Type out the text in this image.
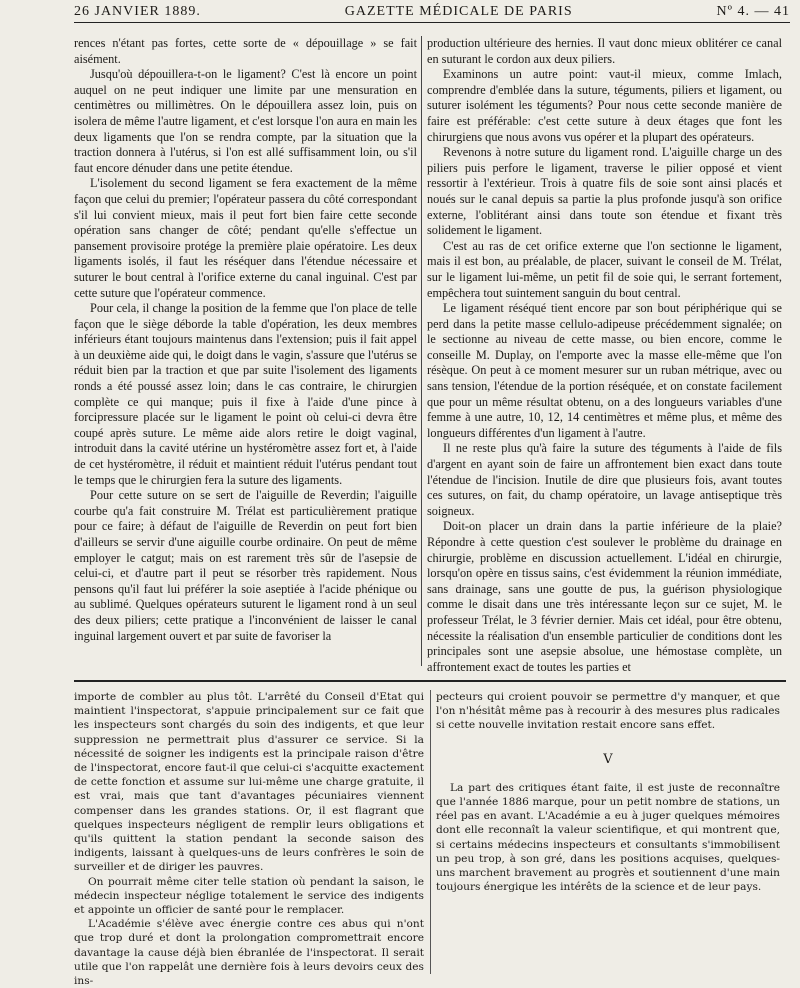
26 JANVIER 1889.	GAZETTE MÉDICALE DE PARIS	Nº 4. — 41

rences n'étant pas fortes, cette sorte de « dépouillage » se fait aisément.

Jusqu'où dépouillera-t-on le ligament? C'est là encore un point auquel on ne peut indiquer une limite par une mensuration en centimètres ou millimètres. On le dépouillera assez loin, puis on isolera de même l'autre ligament, et c'est lorsque l'on aura en main les deux ligaments que l'on se rendra compte, par la situation que la traction donnera à l'utérus, si l'on est allé suffisamment loin, ou s'il faut encore dénuder dans une petite étendue.

L'isolement du second ligament se fera exactement de la même façon que celui du premier; l'opérateur passera du côté correspondant s'il lui convient mieux, mais il peut fort bien faire cette seconde opération sans changer de côté; pendant qu'elle s'effectue un pansement provisoire protége la première plaie opératoire. Les deux ligaments isolés, il faut les réséquer dans l'étendue nécessaire et suturer le bout central à l'orifice externe du canal inguinal. C'est par cette suture que l'opérateur commence.

Pour cela, il change la position de la femme que l'on place de telle façon que le siège déborde la table d'opération, les deux membres inférieurs étant toujours maintenus dans l'extension; puis il fait appel à un deuxième aide qui, le doigt dans le vagin, s'assure que l'utérus se réduit bien par la traction et que par suite l'isolement des ligaments ronds a été poussé assez loin; dans le cas contraire, le chirurgien complète ce qui manque; puis il fixe à l'aide d'une pince à forcipressure placée sur le ligament le point où celui-ci devra être coupé après suture. Le même aide alors retire le doigt vaginal, introduit dans la cavité utérine un hystéromètre assez fort et, à l'aide de cet hystéromètre, il réduit et maintient réduit l'utérus pendant tout le temps que le chirurgien fera la suture des ligaments.

Pour cette suture on se sert de l'aiguille de Reverdin; l'aiguille courbe qu'a fait construire M. Trélat est particulièrement pratique pour ce faire; à défaut de l'aiguille de Reverdin on peut fort bien d'ailleurs se servir d'une aiguille courbe ordinaire. On peut de même employer le catgut; mais on est rarement très sûr de l'asepsie de celui-ci, et d'autre part il peut se résorber très rapidement. Nous pensons qu'il faut lui préférer la soie aseptiée à l'acide phénique ou au sublimé. Quelques opérateurs suturent le ligament rond à un seul des deux piliers; cette pratique a l'inconvénient de laisser le canal inguinal largement ouvert et par suite de favoriser la

production ultérieure des hernies. Il vaut donc mieux oblitérer ce canal en suturant le cordon aux deux piliers.

Examinons un autre point: vaut-il mieux, comme Imlach, comprendre d'emblée dans la suture, téguments, piliers et ligament, ou suturer isolément les téguments? Pour nous cette seconde manière de faire est préférable: c'est cette suture à deux étages que font les chirurgiens que nous avons vus opérer et la plupart des opérateurs.

Revenons à notre suture du ligament rond. L'aiguille charge un des piliers puis perfore le ligament, traverse le pilier opposé et vient ressortir à l'extérieur. Trois à quatre fils de soie sont ainsi placés et noués sur le canal depuis sa partie la plus profonde jusqu'à son orifice externe, l'oblitérant ainsi dans toute son étendue et fixant très solidement le ligament.

C'est au ras de cet orifice externe que l'on sectionne le ligament, mais il est bon, au préalable, de placer, suivant le conseil de M. Trélat, sur le ligament lui-même, un petit fil de soie qui, le serrant fortement, empêchera tout suintement sanguin du bout central.

Le ligament réséqué tient encore par son bout périphérique qui se perd dans la petite masse cellulo-adipeuse précédemment signalée; on le sectionne au niveau de cette masse, ou bien encore, comme le conseille M. Duplay, on l'emporte avec la masse elle-même que l'on résèque. On peut à ce moment mesurer sur un ruban métrique, avec ou sans tension, l'étendue de la portion réséquée, et on constate facilement que pour un même résultat obtenu, on a des longueurs variables d'une femme à une autre, 10, 12, 14 centimètres et même plus, et même des longueurs différentes d'un ligament à l'autre.

Il ne reste plus qu'à faire la suture des téguments à l'aide de fils d'argent en ayant soin de faire un affrontement bien exact dans toute l'étendue de l'incision. Inutile de dire que plusieurs fois, avant toutes ces sutures, on fait, du champ opératoire, un lavage antiseptique très soigneux.

Doit-on placer un drain dans la partie inférieure de la plaie? Répondre à cette question c'est soulever le problème du drainage en chirurgie, problème en discussion actuellement. L'idéal en chirurgie, lorsqu'on opère en tissus sains, c'est évidemment la réunion immédiate, sans drainage, sans une goutte de pus, la guérison physiologique comme le disait dans une très intéressante leçon sur ce sujet, M. le professeur Trélat, le 3 février dernier. Mais cet idéal, pour être obtenu, nécessite la réalisation d'un ensemble particulier de conditions dont les principales sont une asepsie absolue, une hémostase complète, un affrontement exact de toutes les parties et

importe de combler au plus tôt. L'arrêté du Conseil d'Etat qui maintient l'inspectorat, s'appuie principalement sur ce fait que les inspecteurs sont chargés du soin des indigents, et que leur suppression ne permettrait plus d'assurer ce service. Si la nécessité de soigner les indigents est la principale raison d'être de l'inspectorat, encore faut-il que celui-ci s'acquitte exactement de cette fonction et assume sur lui-même une charge gratuite, il est vrai, mais que tant d'avantages pécuniaires viennent compenser dans les grandes stations. Or, il est flagrant que quelques inspecteurs négligent de remplir leurs obligations et qu'ils quittent la station pendant la seconde saison des indigents, laissant à quelques-uns de leurs confrères le soin de surveiller et de diriger les pauvres.

On pourrait même citer telle station où pendant la saison, le médecin inspecteur néglige totalement le service des indigents et appointe un officier de santé pour le remplacer.

L'Académie s'élève avec énergie contre ces abus qui n'ont que trop duré et dont la prolongation compromettrait encore davantage la cause déjà bien ébranlée de l'inspectorat. Il serait utile que l'on rappelât une dernière fois à leurs devoirs ceux des ins-

pecteurs qui croient pouvoir se permettre d'y manquer, et que l'on n'hésitât même pas à recourir à des mesures plus radicales si cette nouvelle invitation restait encore sans effet.

V

La part des critiques étant faite, il est juste de reconnaître que l'année 1886 marque, pour un petit nombre de stations, un réel pas en avant. L'Académie a eu à juger quelques mémoires dont elle reconnaît la valeur scientifique, et qui montrent que, si certains médecins inspecteurs et consultants s'immobilisent un peu trop, à son gré, dans les positions acquises, quelques-uns marchent bravement au progrès et soutiennent d'une main toujours énergique les intérêts de la science et de leur pays.
